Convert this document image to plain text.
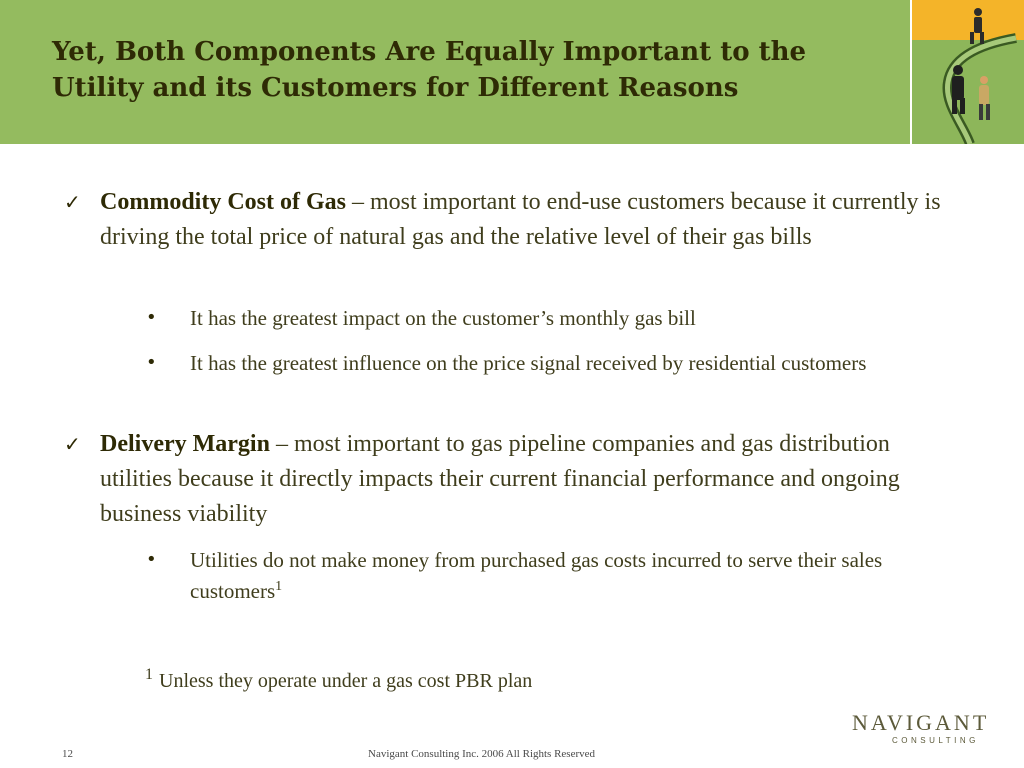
Yet, Both Components Are Equally Important to the
Utility and its Customers for Different Reasons
✓ Commodity Cost of Gas – most important to end-use customers because it currently is driving the total price of natural gas and the relative level of their gas bills
• It has the greatest impact on the customer’s monthly gas bill
• It has the greatest influence on the price signal received by residential customers
✓ Delivery Margin – most important to gas pipeline companies and gas distribution utilities because it directly impacts their current financial performance and ongoing business viability
• Utilities do not make money from purchased gas costs incurred to serve their sales customers$^1$
$^1$ Unless they operate under a gas cost PBR plan
NAVIGANT
CONSULTING
12	Navigant Consulting Inc. 2006 All Rights Reserved
